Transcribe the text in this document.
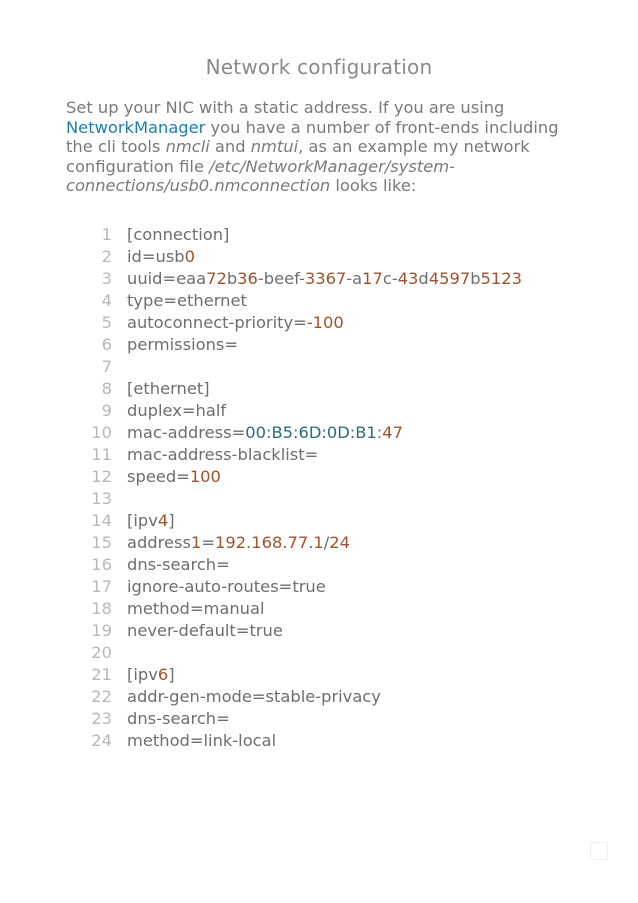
Network configuration

Set up your NIC with a static address. If you are using NetworkManager you have a number of front-ends including the cli tools nmcli and nmtui, as an example my network configuration file /etc/NetworkManager/system-connections/usb0.nmconnection looks like:

1 [connection]
2 id=usb0
3 uuid=eaa72b36-beef-3367-a17c-43d4597b5123
4 type=ethernet
5 autoconnect-priority=-100
6 permissions=
7
8 [ethernet]
9 duplex=half
10 mac-address=00:B5:6D:0D:B1:47
11 mac-address-blacklist=
12 speed=100
13
14 [ipv4]
15 address1=192.168.77.1/24
16 dns-search=
17 ignore-auto-routes=true
18 method=manual
19 never-default=true
20
21 [ipv6]
22 addr-gen-mode=stable-privacy
23 dns-search=
24 method=link-local
